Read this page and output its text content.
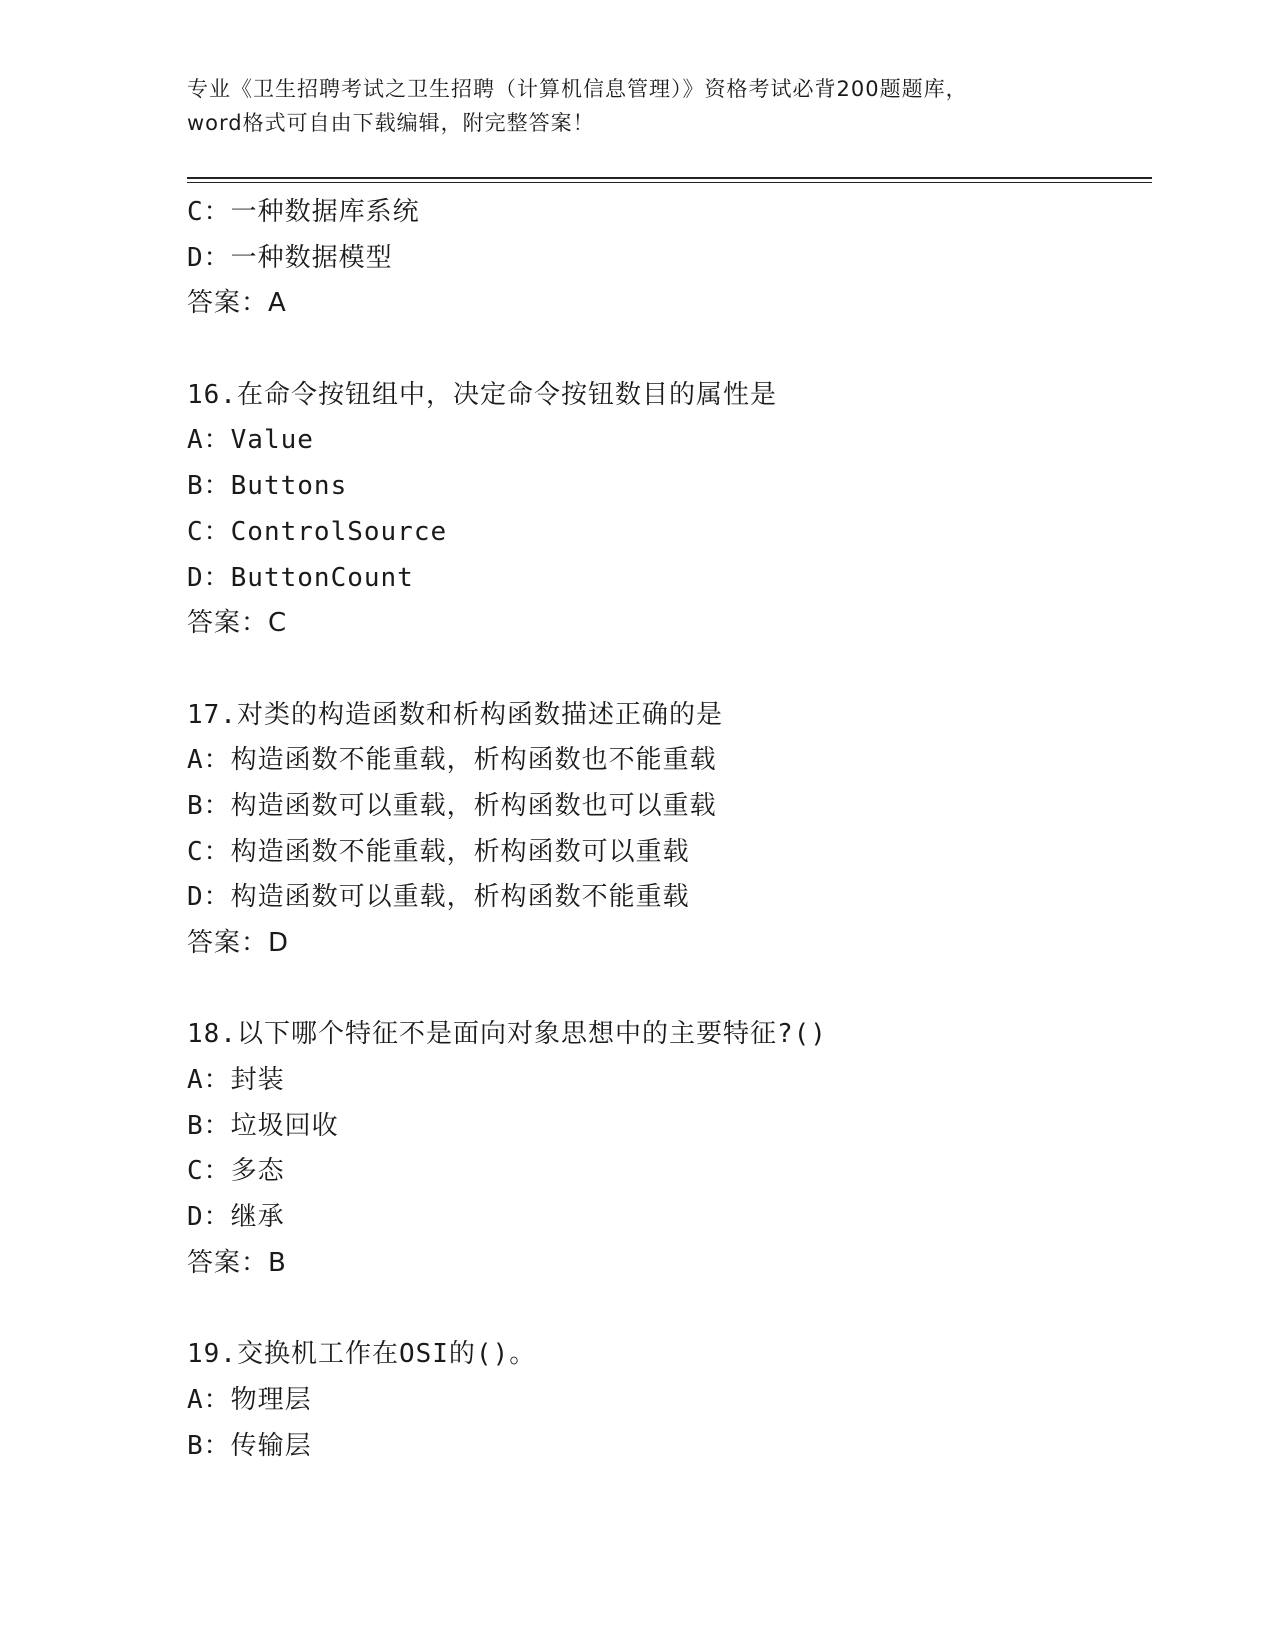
专业《卫生招聘考试之卫生招聘（计算机信息管理）》资格考试必背200题题库，
word格式可自由下载编辑，附完整答案！
C：一种数据库系统
D：一种数据模型
答案：A
16.在命令按钮组中，决定命令按钮数目的属性是
A：Value
B：Buttons
C：ControlSource
D：ButtonCount
答案：C
17.对类的构造函数和析构函数描述正确的是
A：构造函数不能重载，析构函数也不能重载
B：构造函数可以重载，析构函数也可以重载
C：构造函数不能重载，析构函数可以重载
D：构造函数可以重载，析构函数不能重载
答案：D
18.以下哪个特征不是面向对象思想中的主要特征?()
A：封装
B：垃圾回收
C：多态
D：继承
答案：B
19.交换机工作在OSI的()。
A：物理层
B：传输层
